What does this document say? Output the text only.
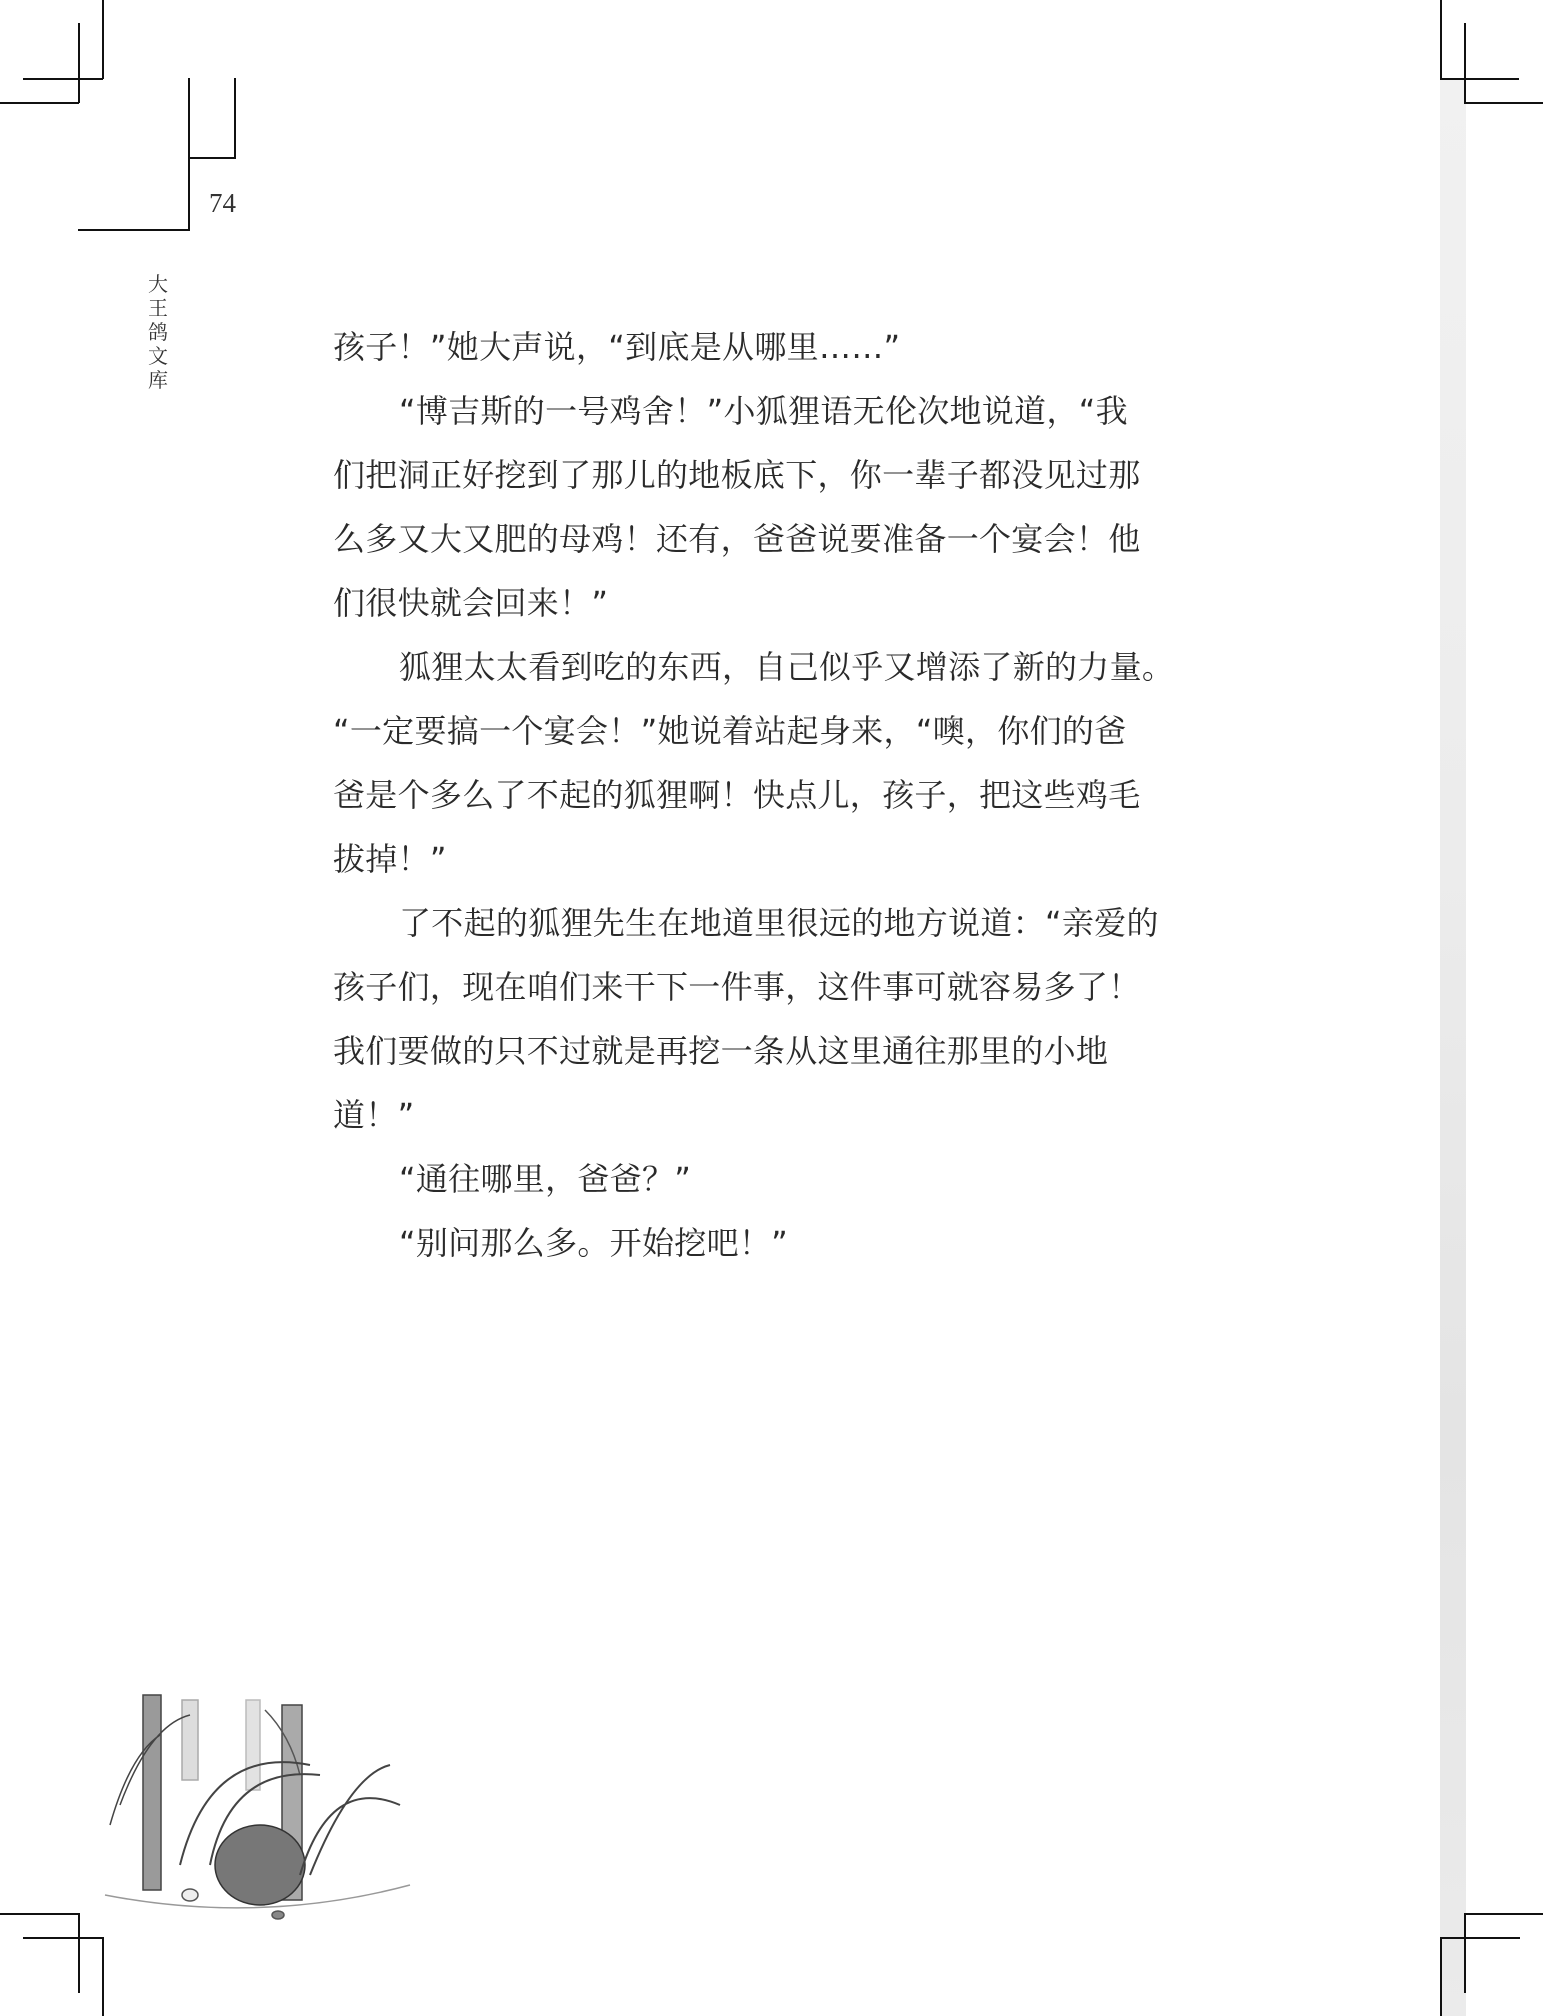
74
大
王
鸽
文
库
孩子！”她大声说，“到底是从哪里……”
“博吉斯的一号鸡舍！”小狐狸语无伦次地说道，“我
们把洞正好挖到了那儿的地板底下，你一辈子都没见过那
么多又大又肥的母鸡！还有，爸爸说要准备一个宴会！他
们很快就会回来！”
狐狸太太看到吃的东西，自己似乎又增添了新的力量。
“一定要搞一个宴会！”她说着站起身来，“噢，你们的爸
爸是个多么了不起的狐狸啊！快点儿，孩子，把这些鸡毛
拔掉！”
了不起的狐狸先生在地道里很远的地方说道：“亲爱的
孩子们，现在咱们来干下一件事，这件事可就容易多了！
我们要做的只不过就是再挖一条从这里通往那里的小地
道！”
“通往哪里，爸爸？”
“别问那么多。开始挖吧！”
